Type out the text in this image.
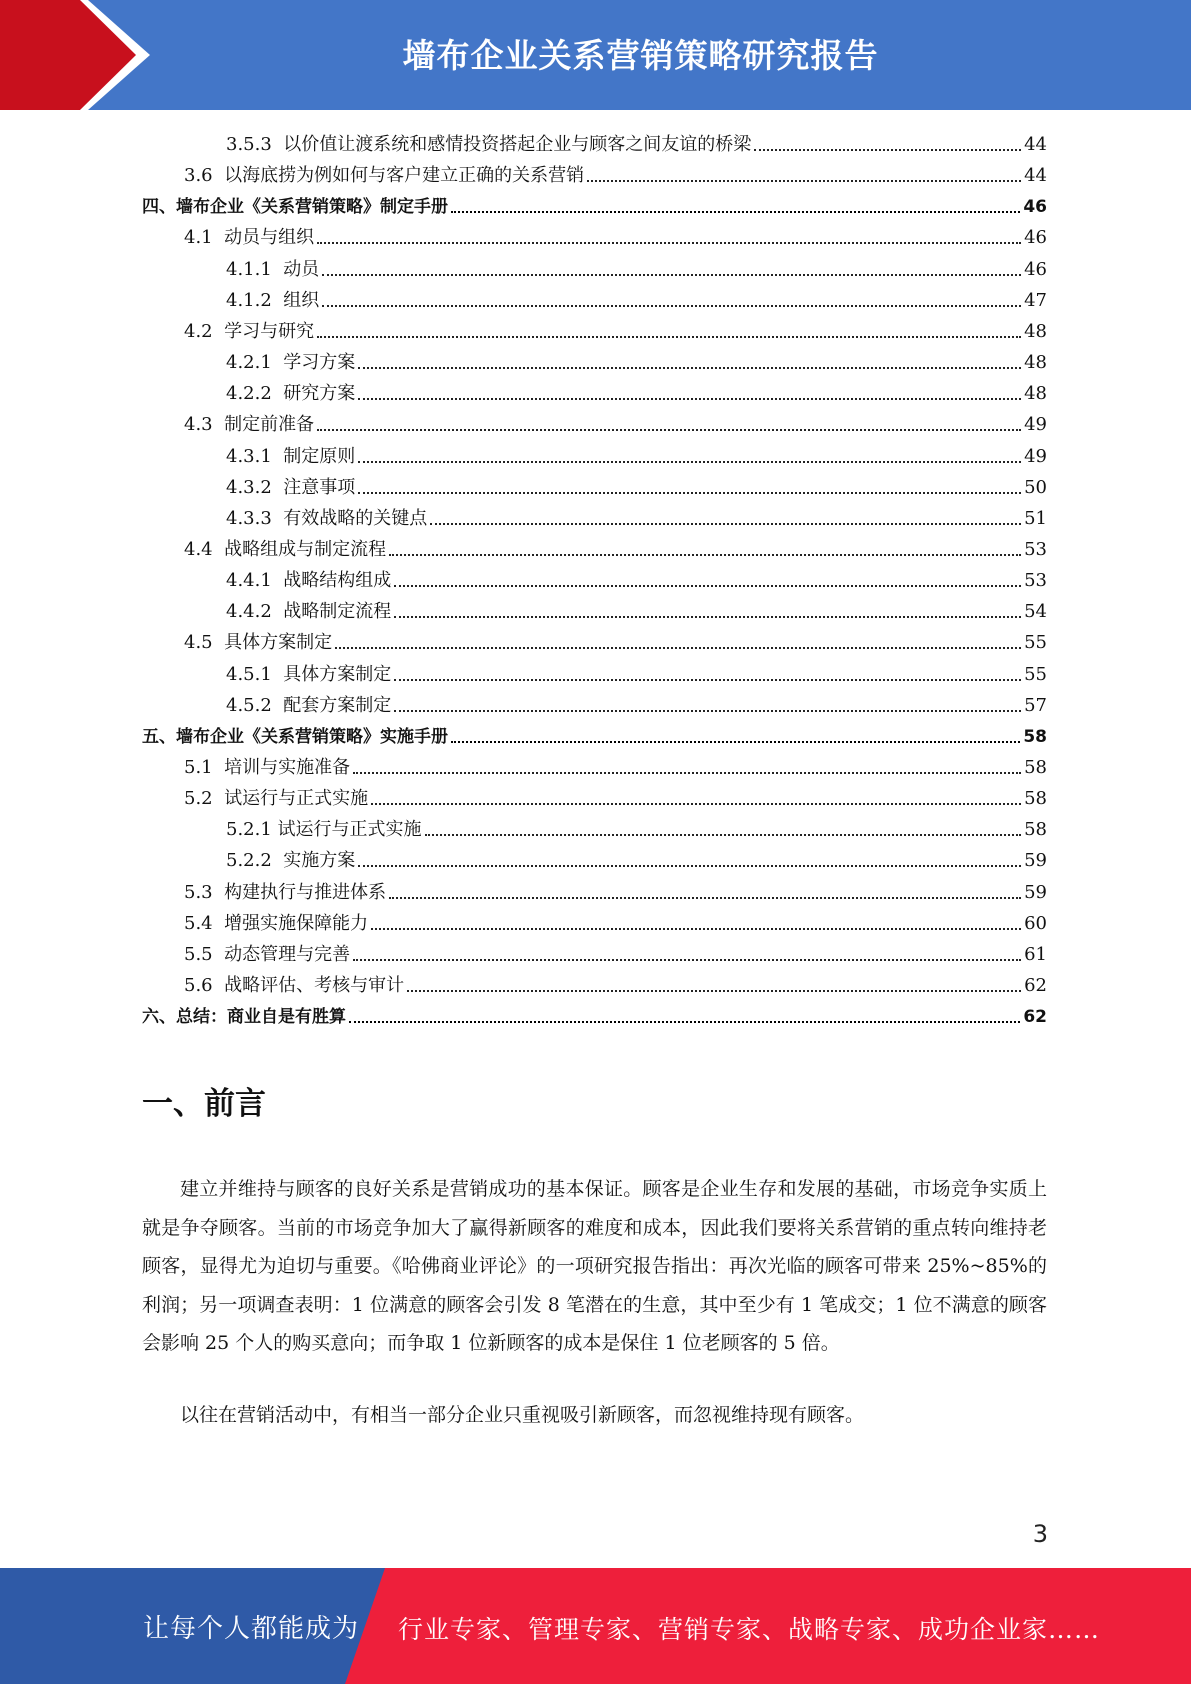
墙布企业关系营销策略研究报告
3.5.3  以价值让渡系统和感情投资搭起企业与顾客之间友谊的桥梁	44
3.6  以海底捞为例如何与客户建立正确的关系营销	44
四、墙布企业《关系营销策略》制定手册	46
4.1  动员与组织	46
4.1.1  动员	46
4.1.2  组织	47
4.2  学习与研究	48
4.2.1  学习方案	48
4.2.2  研究方案	48
4.3  制定前准备	49
4.3.1  制定原则	49
4.3.2  注意事项	50
4.3.3  有效战略的关键点	51
4.4  战略组成与制定流程	53
4.4.1  战略结构组成	53
4.4.2  战略制定流程	54
4.5  具体方案制定	55
4.5.1  具体方案制定	55
4.5.2  配套方案制定	57
五、墙布企业《关系营销策略》实施手册	58
5.1  培训与实施准备	58
5.2  试运行与正式实施	58
5.2.1 试运行与正式实施	58
5.2.2  实施方案	59
5.3  构建执行与推进体系	59
5.4  增强实施保障能力	60
5.5  动态管理与完善	61
5.6  战略评估、考核与审计	62
六、总结：商业自是有胜算	62
一、前言

建立并维持与顾客的良好关系是营销成功的基本保证。顾客是企业生存和发展的基础，市场竞争实质上就是争夺顾客。当前的市场竞争加大了赢得新顾客的难度和成本，因此我们要将关系营销的重点转向维持老顾客，显得尤为迫切与重要。《哈佛商业评论》的一项研究报告指出：再次光临的顾客可带来 25%~85%的利润；另一项调查表明：1 位满意的顾客会引发 8 笔潜在的生意，其中至少有 1 笔成交；1 位不满意的顾客会影响 25 个人的购买意向；而争取 1 位新顾客的成本是保住 1 位老顾客的 5 倍。

以往在营销活动中，有相当一部分企业只重视吸引新顾客，而忽视维持现有顾客。

3
让每个人都能成为 行业专家、管理专家、营销专家、战略专家、成功企业家……
